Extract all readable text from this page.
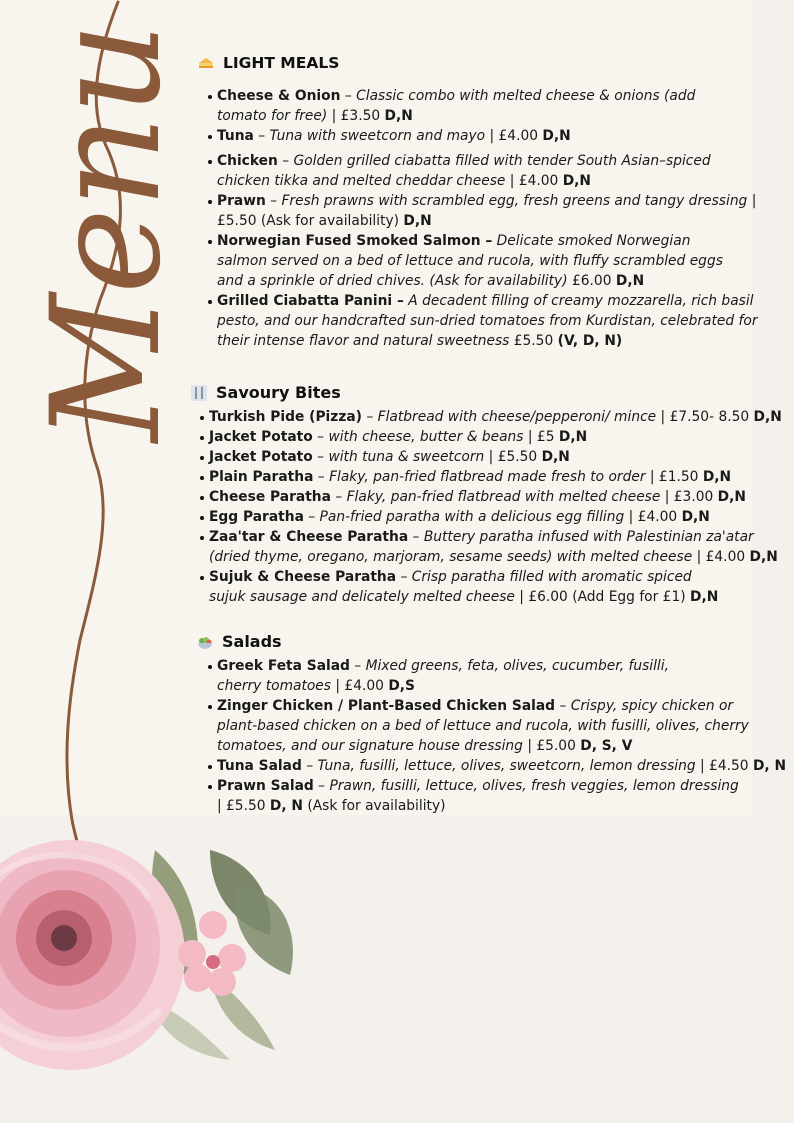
Menu LIGHT MEALS
Cheese & Onion – Classic combo with melted cheese & onions (add tomato for free) | £3.50 D,N
Tuna – Tuna with sweetcorn and mayo | £4.00 D,N
Chicken – Golden grilled ciabatta filled with tender South Asian–spiced chicken tikka and melted cheddar cheese | £4.00 D,N
Prawn – Fresh prawns with scrambled egg, fresh greens and tangy dressing | £5.50 (Ask for availability) D,N
Norwegian Fused Smoked Salmon – Delicate smoked Norwegian salmon served on a bed of lettuce and rucola, with fluffy scrambled eggs and a sprinkle of dried chives. (Ask for availability) £6.00 D,N
Grilled Ciabatta Panini – A decadent filling of creamy mozzarella, rich basil pesto, and our handcrafted sun-dried tomatoes from Kurdistan, celebrated for their intense flavor and natural sweetness £5.50 (V, D, N)
Savoury Bites
Turkish Pide (Pizza) – Flatbread with cheese/pepperoni/ mince | £7.50- 8.50 D,N
Jacket Potato – with cheese, butter & beans | £5 D,N
Jacket Potato – with tuna & sweetcorn | £5.50 D,N
Plain Paratha – Flaky, pan-fried flatbread made fresh to order | £1.50 D,N
Cheese Paratha – Flaky, pan-fried flatbread with melted cheese | £3.00 D,N
Egg Paratha – Pan-fried paratha with a delicious egg filling | £4.00 D,N
Zaa'tar & Cheese Paratha – Buttery paratha infused with Palestinian za'atar (dried thyme, oregano, marjoram, sesame seeds) with melted cheese | £4.00 D,N
Sujuk & Cheese Paratha – Crisp paratha filled with aromatic spiced sujuk sausage and delicately melted cheese | £6.00 (Add Egg for £1) D,N
Salads
Greek Feta Salad – Mixed greens, feta, olives, cucumber, fusilli, cherry tomatoes | £4.00 D,S
Zinger Chicken / Plant-Based Chicken Salad – Crispy, spicy chicken or plant-based chicken on a bed of lettuce and rucola, with fusilli, olives, cherry tomatoes, and our signature house dressing | £5.00 D, S, V
Tuna Salad – Tuna, fusilli, lettuce, olives, sweetcorn, lemon dressing | £4.50 D, N
Prawn Salad – Prawn, fusilli, lettuce, olives, fresh veggies, lemon dressing | £5.50 D, N (Ask for availability)
